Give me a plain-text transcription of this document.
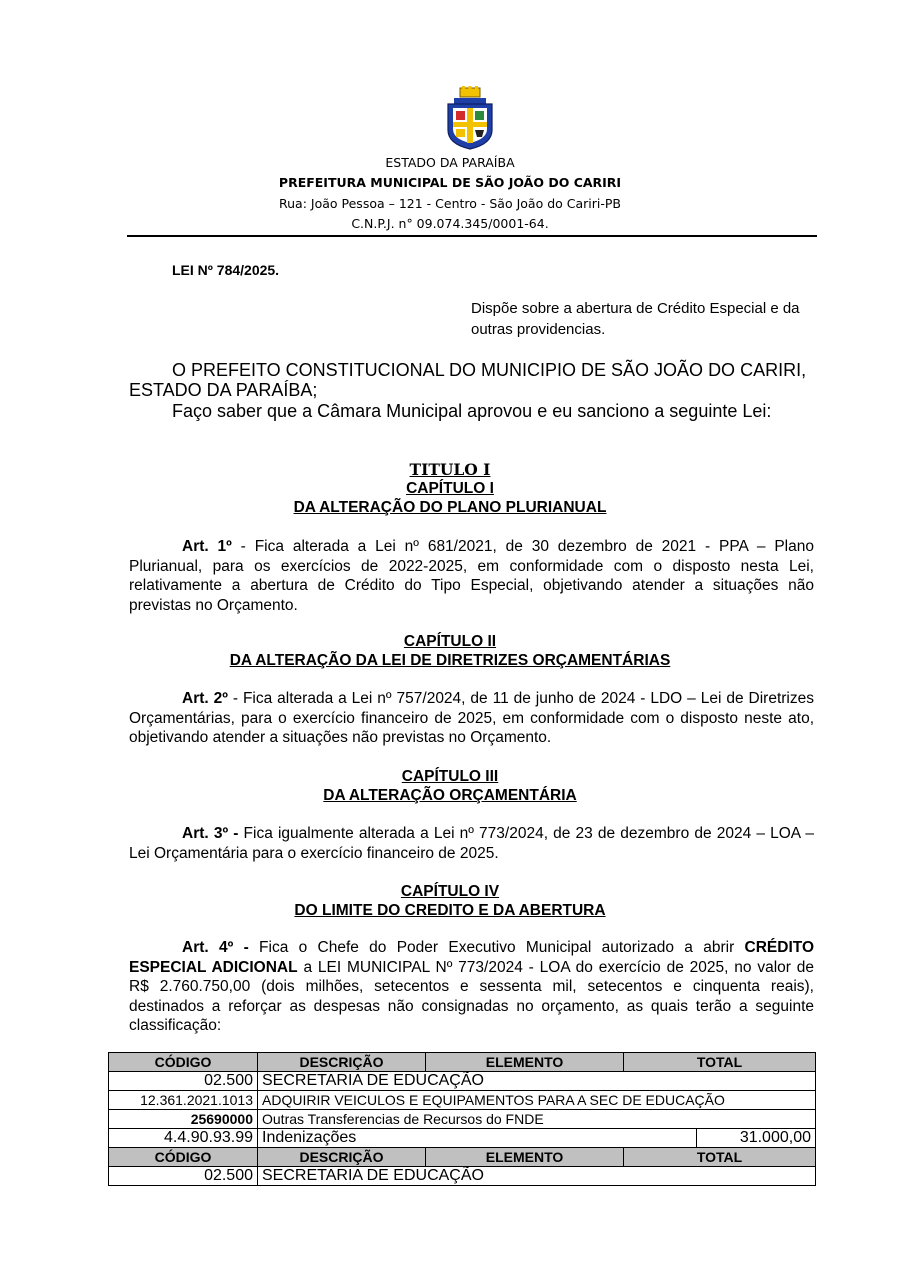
ESTADO DA PARAÍBA
PREFEITURA MUNICIPAL DE SÃO JOÃO DO CARIRI
Rua: João Pessoa – 121 - Centro - São João do Cariri-PB
C.N.P.J. n° 09.074.345/0001-64.
LEI Nº 784/2025.
Dispõe sobre a abertura de Crédito Especial e da outras providencias.
O PREFEITO CONSTITUCIONAL DO MUNICIPIO DE SÃO JOÃO DO CARIRI,
ESTADO DA PARAÍBA;
Faço saber que a Câmara Municipal aprovou e eu sanciono a seguinte Lei:
TITULO I
CAPÍTULO I
DA ALTERAÇÃO DO PLANO PLURIANUAL
Art. 1º - Fica alterada a Lei nº 681/2021, de 30 dezembro de 2021 - PPA – Plano Plurianual, para os exercícios de 2022-2025, em conformidade com o disposto nesta Lei, relativamente a abertura de Crédito do Tipo Especial, objetivando atender a situações não previstas no Orçamento.
CAPÍTULO II
DA ALTERAÇÃO DA LEI DE DIRETRIZES ORÇAMENTÁRIAS
Art. 2º - Fica alterada a Lei nº 757/2024, de 11 de junho de 2024 - LDO – Lei de Diretrizes Orçamentárias, para o exercício financeiro de 2025, em conformidade com o disposto neste ato, objetivando atender a situações não previstas no Orçamento.
CAPÍTULO III
DA ALTERAÇÃO ORÇAMENTÁRIA
Art. 3º - Fica igualmente alterada a Lei nº 773/2024, de 23 de dezembro de 2024 – LOA – Lei Orçamentária para o exercício financeiro de 2025.
CAPÍTULO IV
DO LIMITE DO CREDITO E DA ABERTURA
Art. 4º - Fica o Chefe do Poder Executivo Municipal autorizado a abrir CRÉDITO ESPECIAL ADICIONAL a LEI MUNICIPAL Nº 773/2024 - LOA do exercício de 2025, no valor de R$ 2.760.750,00 (dois milhões, setecentos e sessenta mil, setecentos e cinquenta reais), destinados a reforçar as despesas não consignadas no orçamento, as quais terão a seguinte classificação:
CÓDIGO	DESCRIÇÃO	ELEMENTO	TOTAL	
02.500	SECRETARIA DE EDUCAÇÃO			
12.361.2021.1013	ADQUIRIR VEICULOS E EQUIPAMENTOS PARA A SEC DE EDUCAÇÃO			
25690000	Outras Transferencias de Recursos do FNDE			
4.4.90.93.99	Indenizações			31.000,00
CÓDIGO	DESCRIÇÃO	ELEMENTO	TOTAL	
02.500	SECRETARIA DE EDUCAÇÃO			
